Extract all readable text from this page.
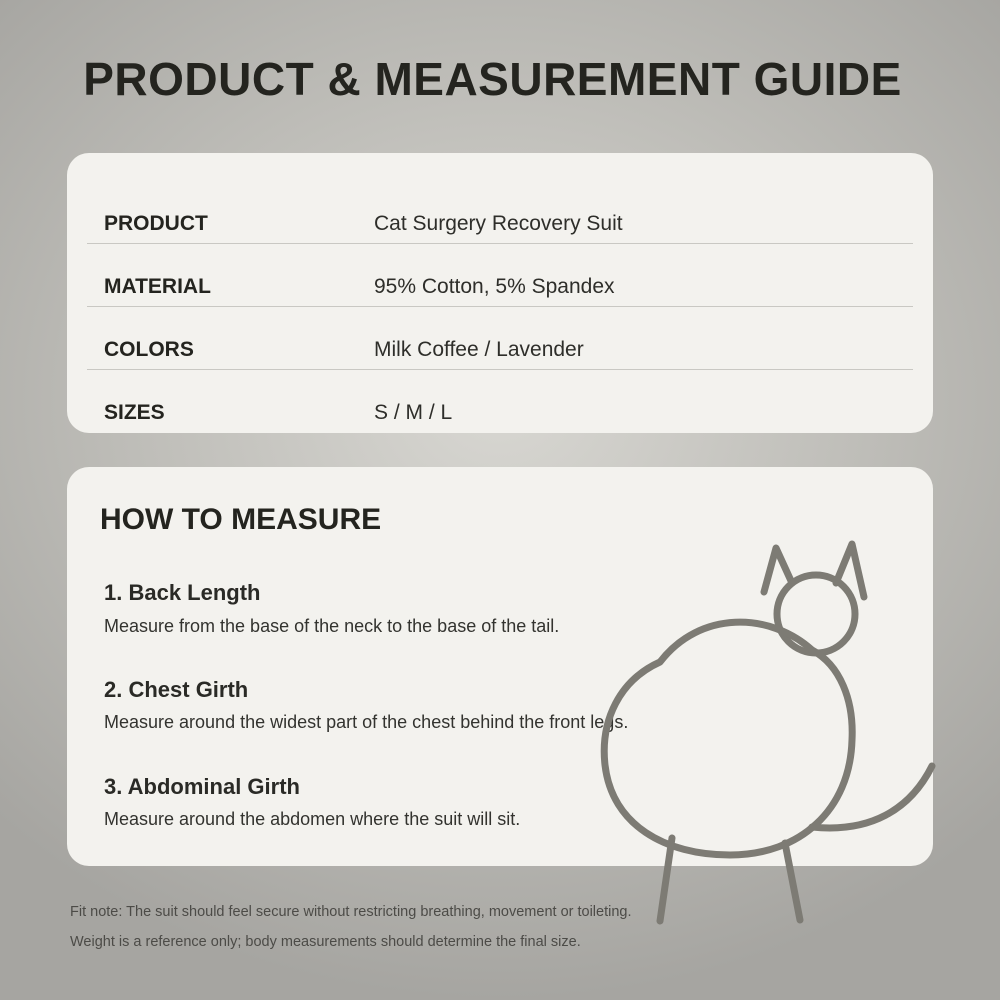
PRODUCT & MEASUREMENT GUIDE
PRODUCT	Cat Surgery Recovery Suit
MATERIAL	95% Cotton, 5% Spandex
COLORS	Milk Coffee / Lavender
SIZES	S / M / L
HOW TO MEASURE
1. Back Length
Measure from the base of the neck to the base of the tail.
2. Chest Girth
Measure around the widest part of the chest behind the front legs.
3. Abdominal Girth
Measure around the abdomen where the suit will sit.
Fit note: The suit should feel secure without restricting breathing, movement or toileting.
Weight is a reference only; body measurements should determine the final size.
